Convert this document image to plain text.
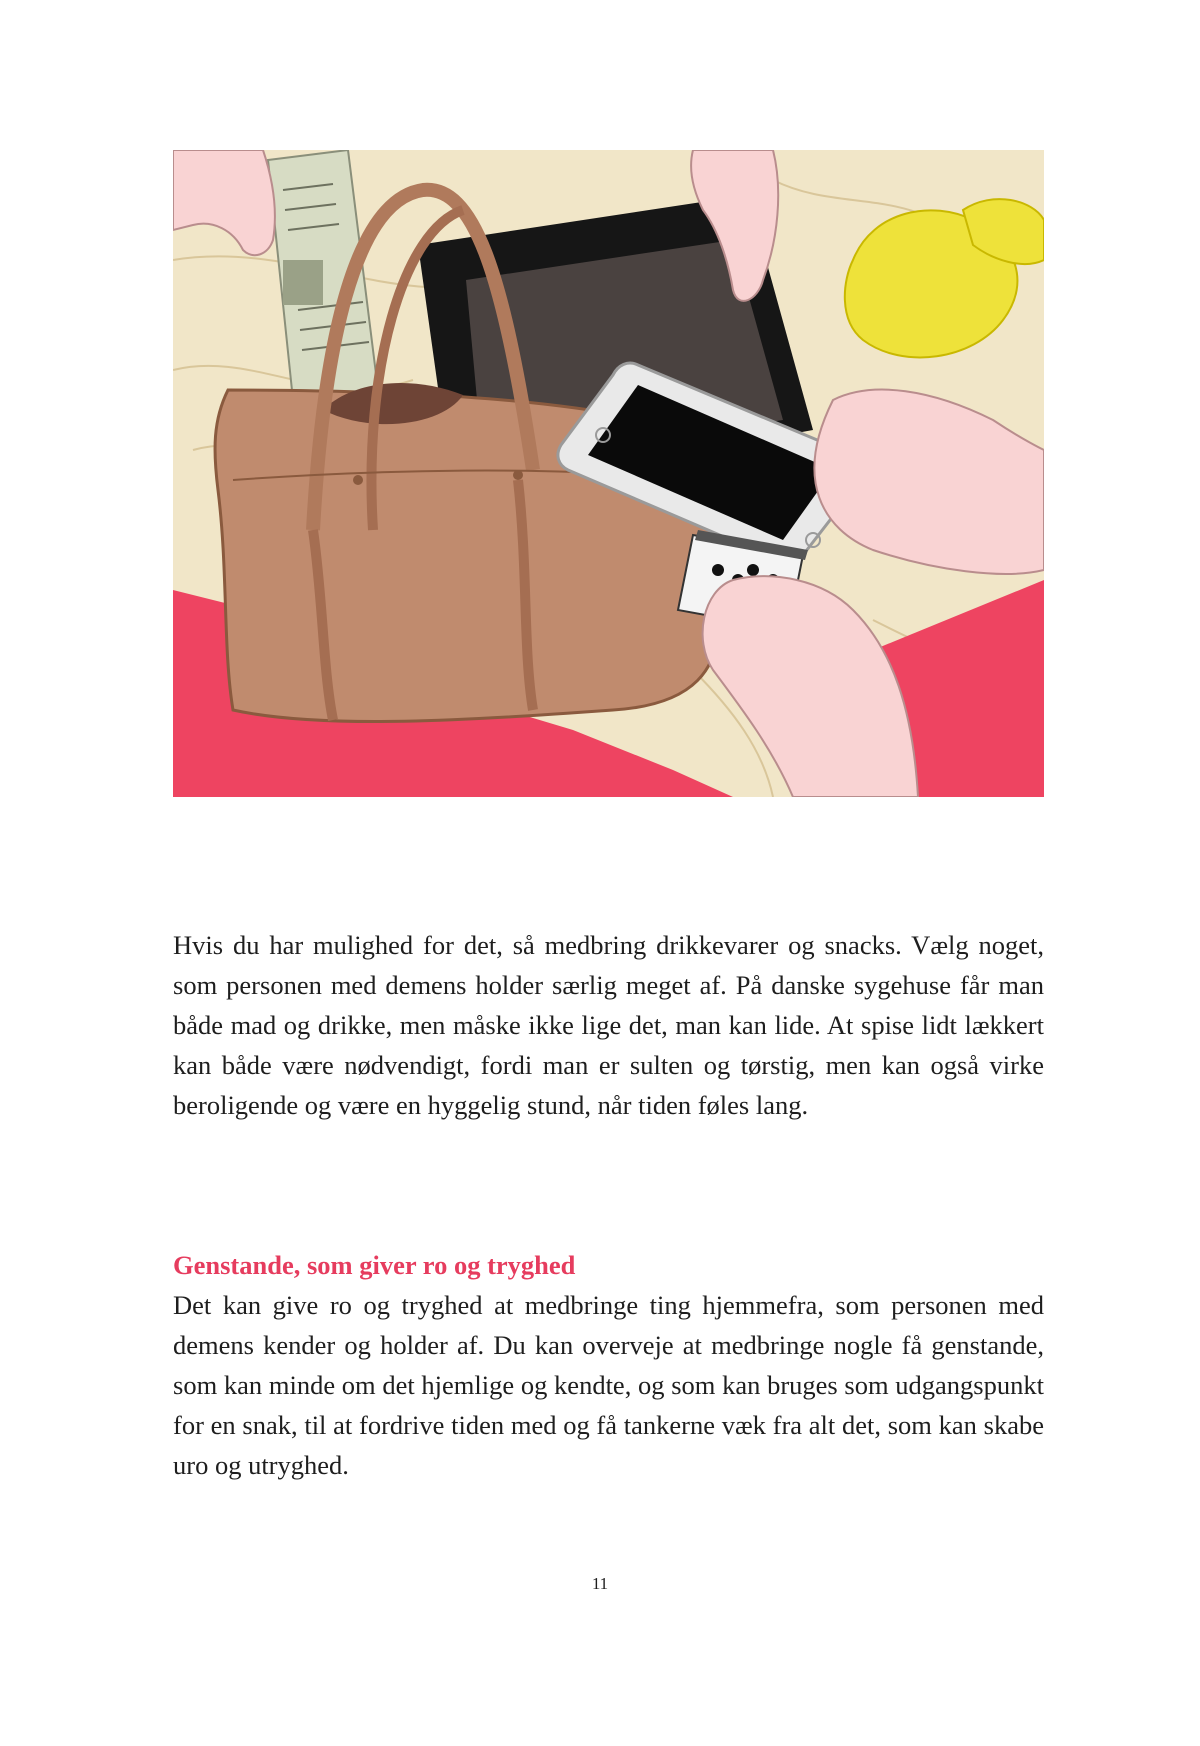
Hvis du har mulighed for det, så medbring drikkevarer og snacks. Vælg noget, som personen med demens holder særlig meget af. På danske sygehuse får man både mad og drikke, men måske ikke lige det, man kan lide. At spise lidt lækkert kan både være nødvendigt, fordi man er sulten og tørstig, men kan også virke beroligende og være en hyggelig stund, når tiden føles lang.

Genstande, som giver ro og tryghed

Det kan give ro og tryghed at medbringe ting hjemmefra, som personen med demens kender og holder af. Du kan overveje at medbringe nogle få genstande, som kan minde om det hjemlige og kendte, og som kan bruges som udgangspunkt for en snak, til at fordrive tiden med og få tankerne væk fra alt det, som kan skabe uro og utryghed.

11
